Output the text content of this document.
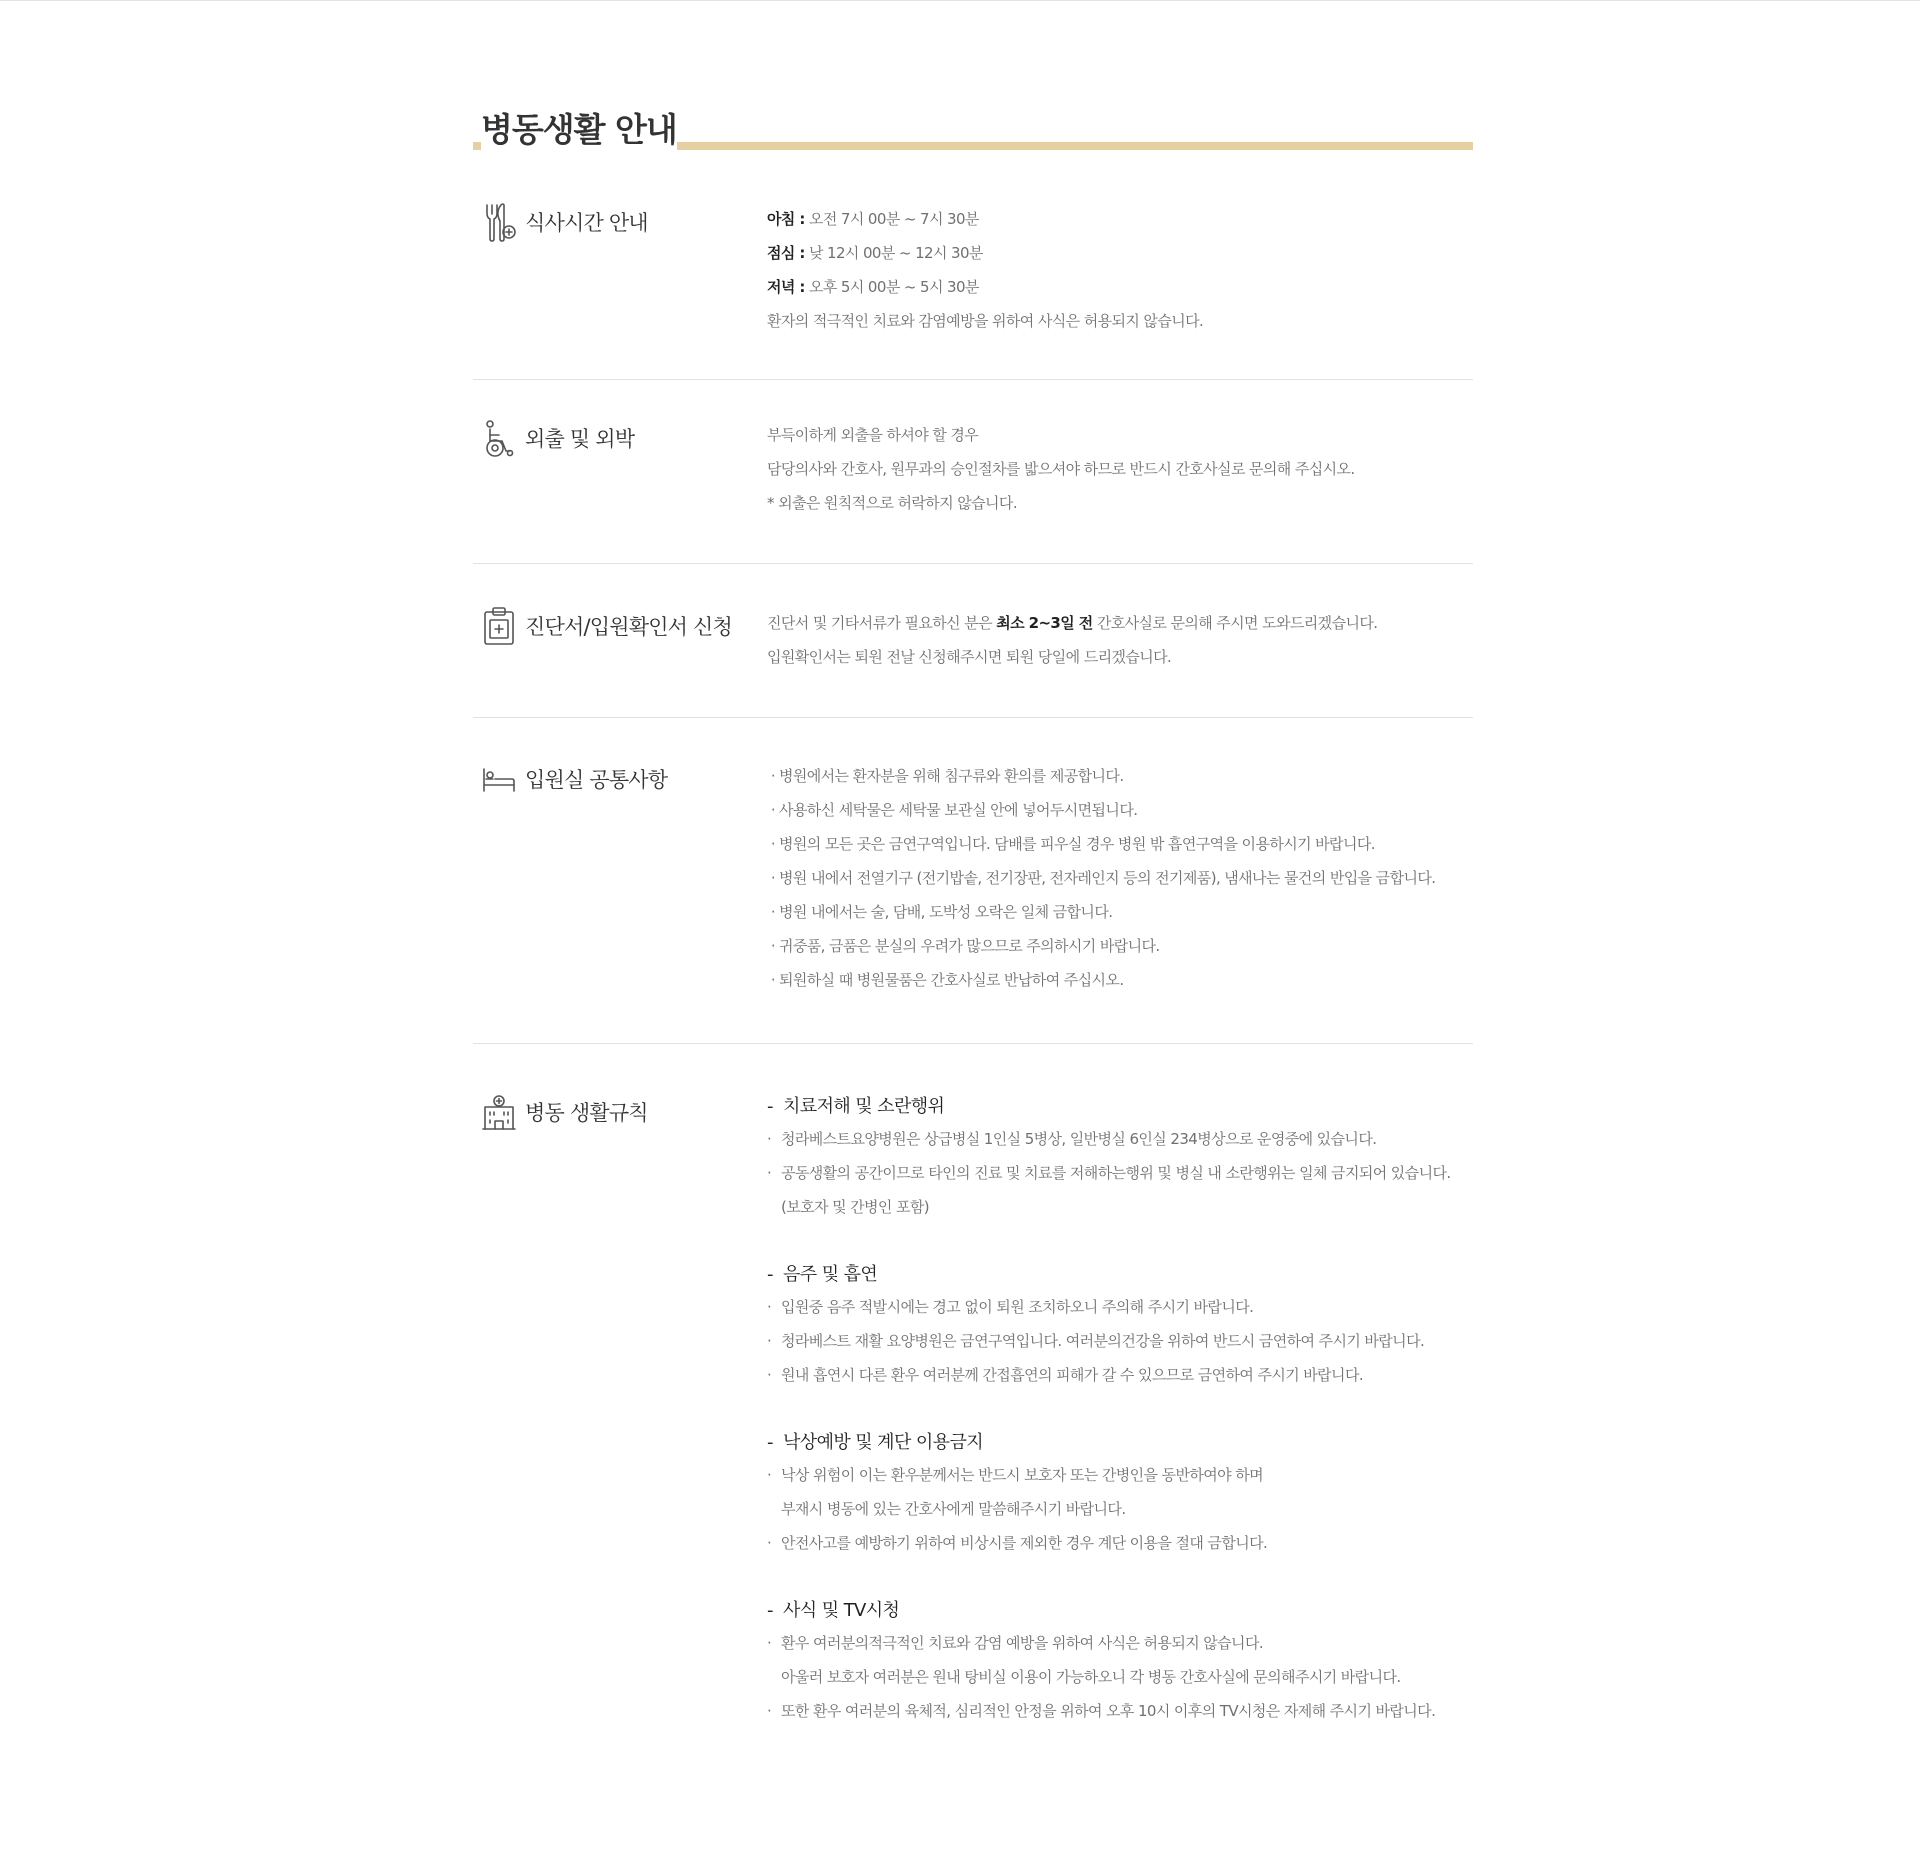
병동생활 안내
식사시간 안내	아침 : 오전 7시 00분 ~ 7시 30분
점심 : 낮 12시 00분 ~ 12시 30분
저녁 : 오후 5시 00분 ~ 5시 30분
환자의 적극적인 치료와 감염예방을 위하여 사식은 허용되지 않습니다.
외출 및 외박	부득이하게 외출을 하셔야 할 경우
담당의사와 간호사, 원무과의 승인절차를 밟으셔야 하므로 반드시 간호사실로 문의해 주십시오.
* 외출은 원칙적으로 허락하지 않습니다.
진단서/입원확인서 신청 진단서 및 기타서류가 필요하신 분은 최소 2~3일 전 간호사실로 문의해 주시면 도와드리겠습니다.
입원확인서는 퇴원 전날 신청해주시면 퇴원 당일에 드리겠습니다.
입원실 공통사항	· 병원에서는 환자분을 위해 침구류와 환의를 제공합니다.
· 사용하신 세탁물은 세탁물 보관실 안에 넣어두시면됩니다.
· 병원의 모든 곳은 금연구역입니다. 담배를 피우실 경우 병원 밖 흡연구역을 이용하시기 바랍니다.
· 병원 내에서 전열기구 (전기밥솥, 전기장판, 전자레인지 등의 전기제품), 냄새나는 물건의 반입을 금합니다.
· 병원 내에서는 술, 담배, 도박성 오락은 일체 금합니다.
· 귀중품, 금품은 분실의 우려가 많으므로 주의하시기 바랍니다.
· 퇴원하실 때 병원물품은 간호사실로 반납하여 주십시오.
병동 생활규칙	- 치료저해 및 소란행위
· 청라베스트요양병원은 상급병실 1인실 5병상, 일반병실 6인실 234병상으로 운영중에 있습니다.
· 공동생활의 공간이므로 타인의 진료 및 치료를 저해하는행위 및 병실 내 소란행위는 일체 금지되어 있습니다.
(보호자 및 간병인 포함)
- 음주 및 흡연
· 입원중 음주 적발시에는 경고 없이 퇴원 조치하오니 주의해 주시기 바랍니다.
· 청라베스트 재활 요양병원은 금연구역입니다. 여러분의건강을 위하여 반드시 금연하여 주시기 바랍니다.
· 원내 흡연시 다른 환우 여러분께 간접흡연의 피해가 갈 수 있으므로 금연하여 주시기 바랍니다.
- 낙상예방 및 계단 이용금지
· 낙상 위험이 이는 환우분께서는 반드시 보호자 또는 간병인을 동반하여야 하며
부재시 병동에 있는 간호사에게 말씀해주시기 바랍니다.
· 안전사고를 예방하기 위하여 비상시를 제외한 경우 계단 이용을 절대 금합니다.
- 사식 및 TV시청
· 환우 여러분의적극적인 치료와 감염 예방을 위하여 사식은 허용되지 않습니다.
아울러 보호자 여러분은 원내 탕비실 이용이 가능하오니 각 병동 간호사실에 문의해주시기 바랍니다.
· 또한 환우 여러분의 육체적, 심리적인 안정을 위하여 오후 10시 이후의 TV시청은 자제해 주시기 바랍니다.
